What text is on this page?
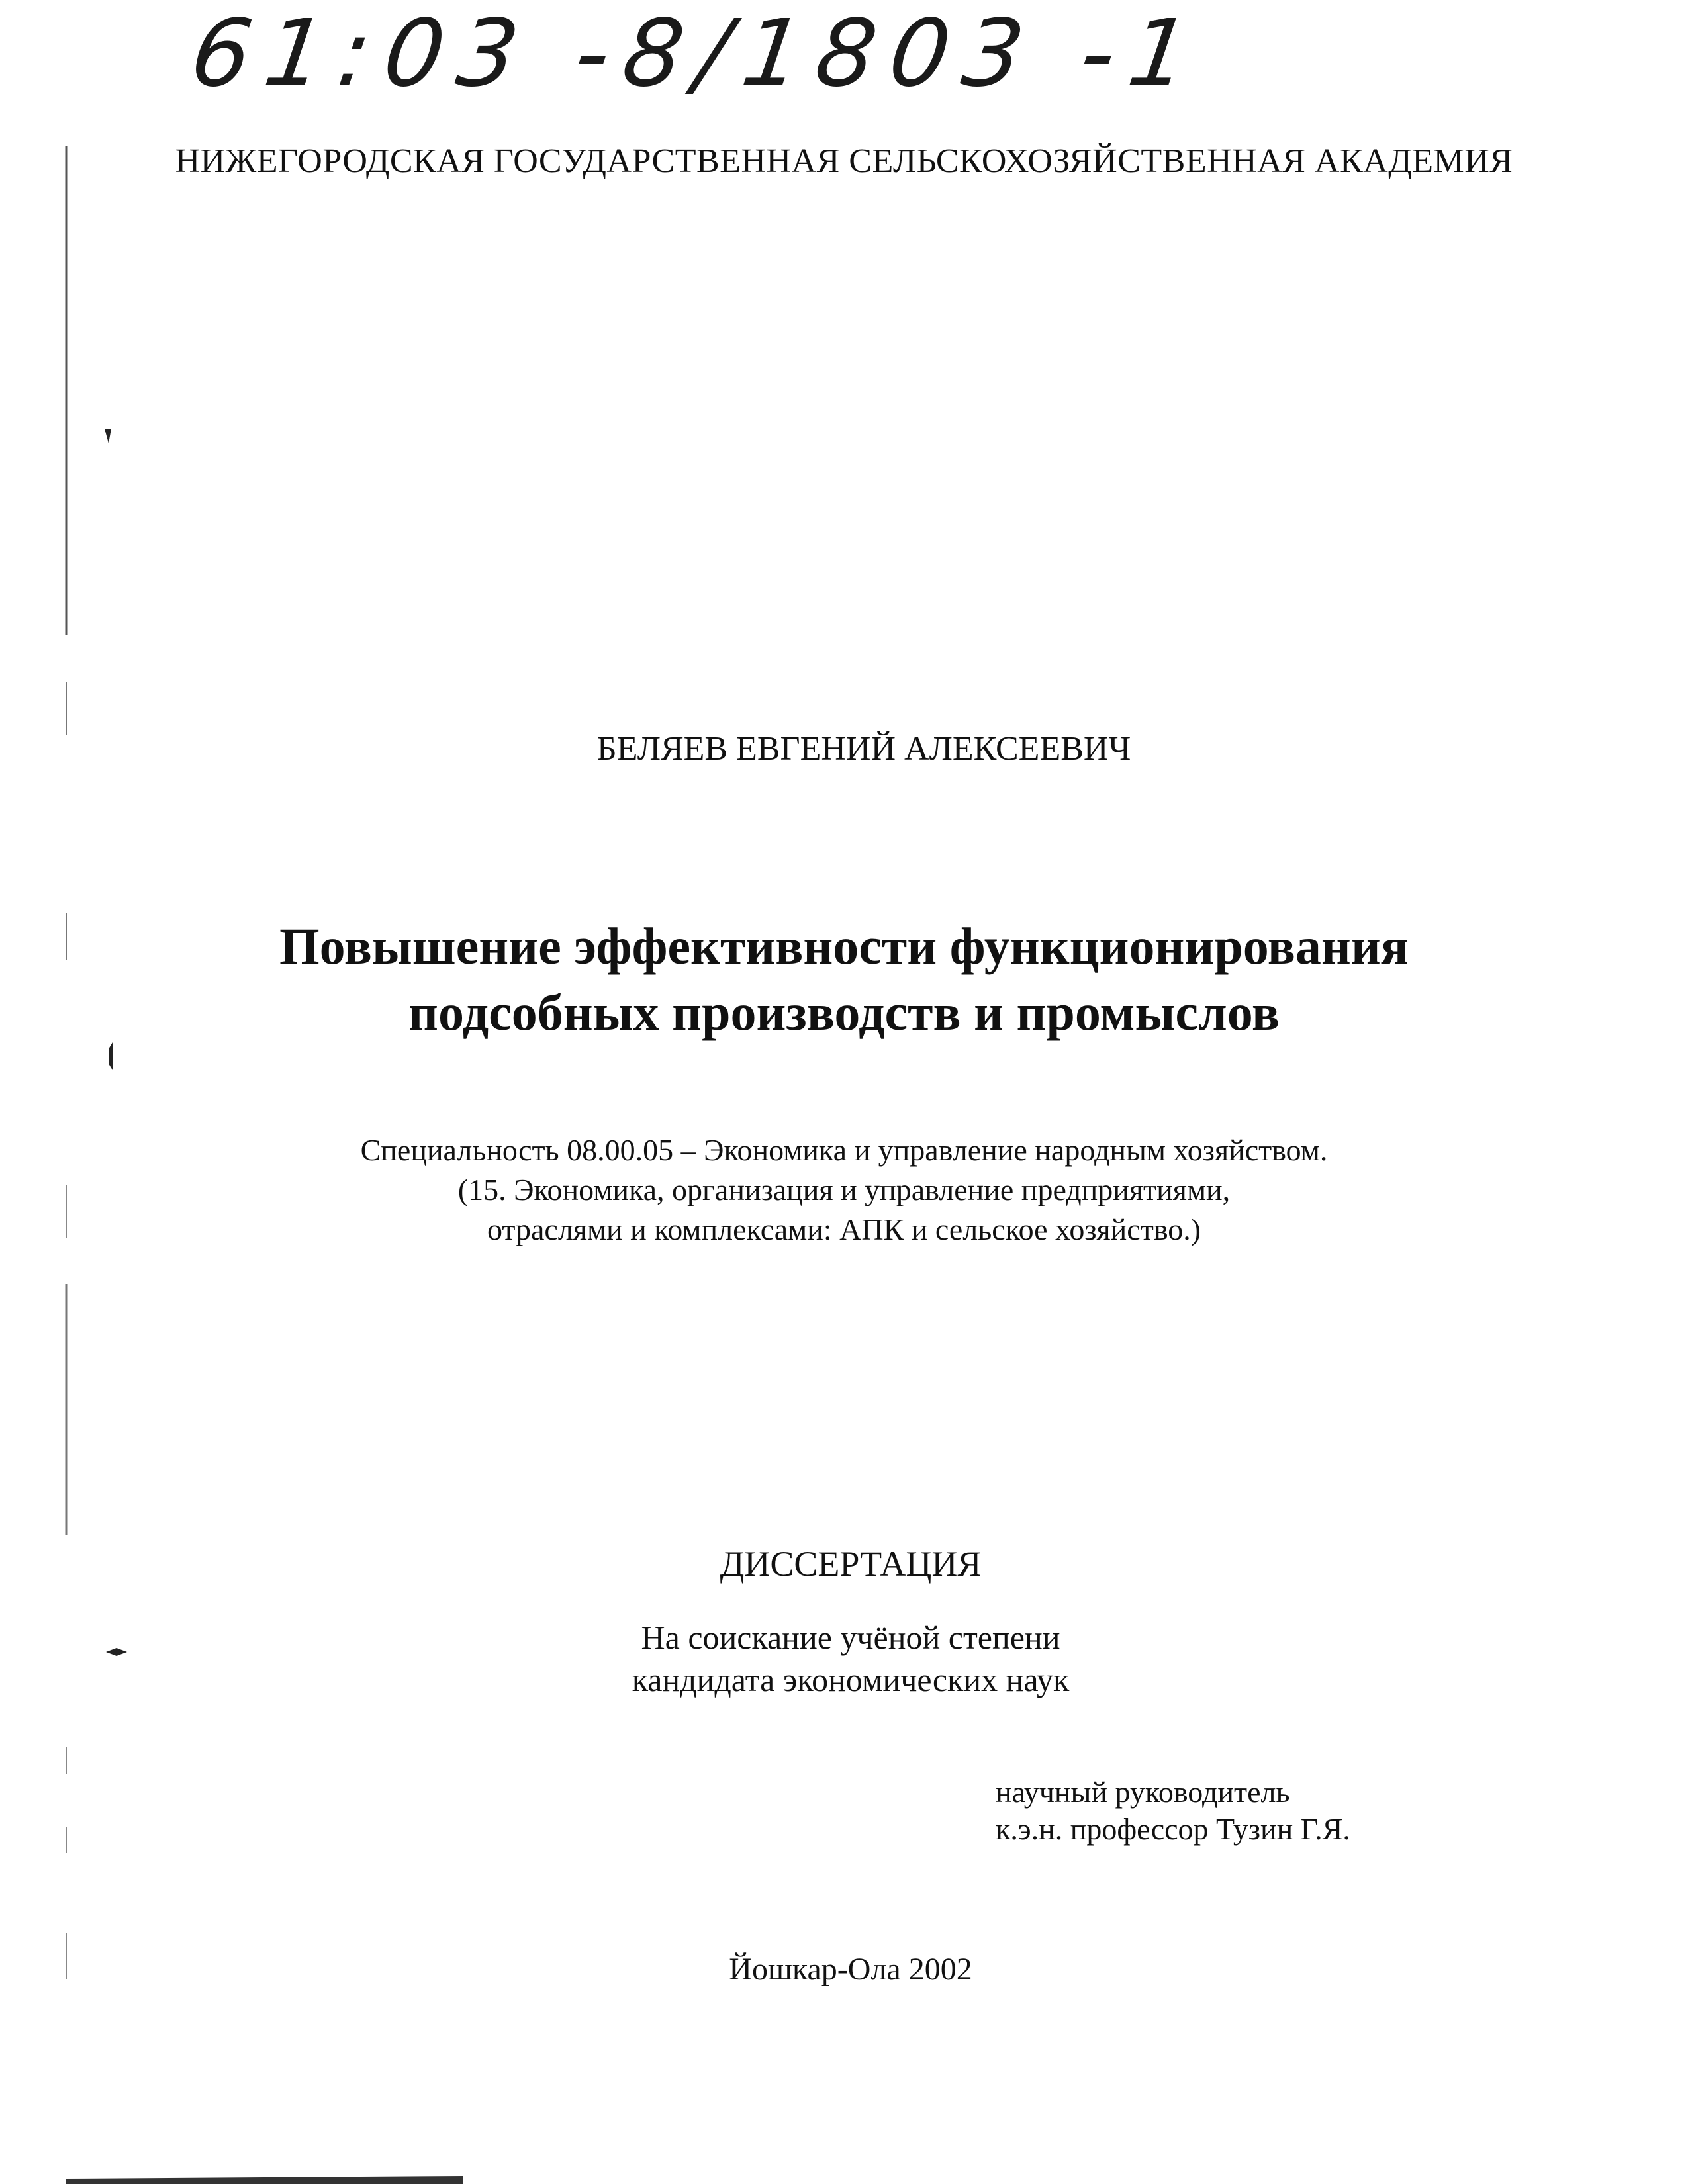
61:03 -8/1803 -1
НИЖЕГОРОДСКАЯ ГОСУДАРСТВЕННАЯ СЕЛЬСКОХОЗЯЙСТВЕННАЯ АКАДЕМИЯ
БЕЛЯЕВ ЕВГЕНИЙ АЛЕКСЕЕВИЧ
Повышение эффективности функционирования
подсобных производств и промыслов
Специальность 08.00.05 – Экономика и управление народным хозяйством.
(15. Экономика, организация и управление предприятиями,
отраслями и комплексами: АПК и сельское хозяйство.)
ДИССЕРТАЦИЯ
На соискание учёной степени
кандидата экономических наук
научный руководитель
к.э.н. профессор Тузин Г.Я.
Йошкар-Ола 2002
